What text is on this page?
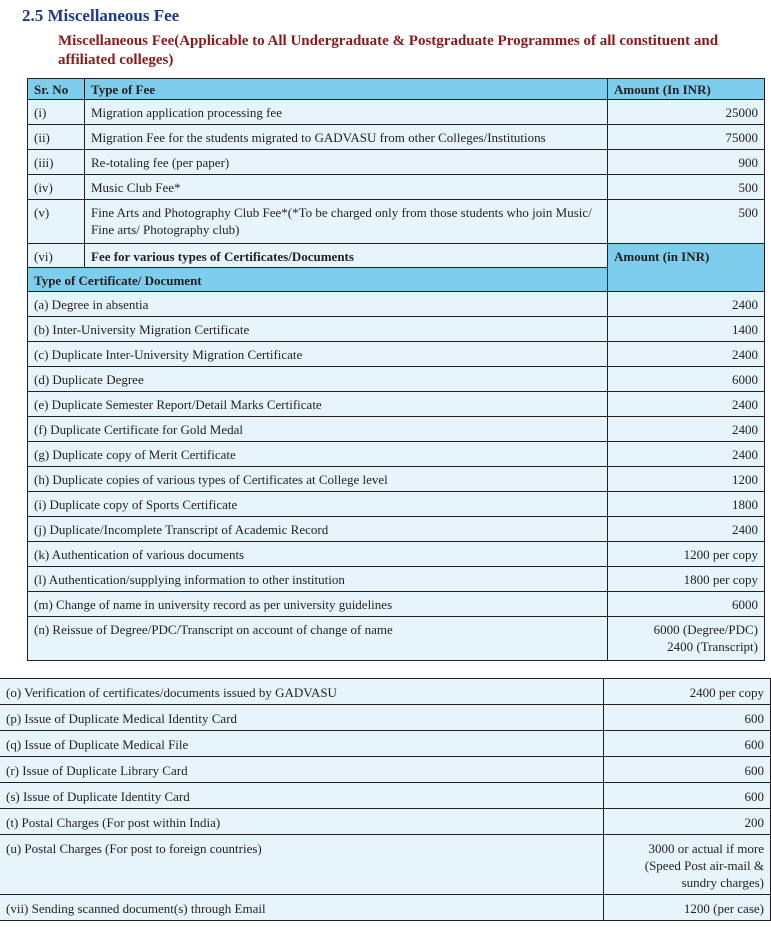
2.5 Miscellaneous Fee

Miscellaneous Fee(Applicable to All Undergraduate & Postgraduate Programmes of all constituent and affiliated colleges)
Sr. No	Type of Fee	Amount (In INR)
(i)	Migration application processing fee	25000
(ii)	Migration Fee for the students migrated to GADVASU from other Colleges/Institutions	75000
(iii)	Re-totaling fee (per paper)	900
(iv)	Music Club Fee*	500
(v)	Fine Arts and Photography Club Fee*(*To be charged only from those students who join Music/ Fine arts/ Photography club)	500
(vi)	Fee for various types of Certificates/Documents	Amount (in INR)
Type of Certificate/ Document		
(a) Degree in absentia		2400
(b) Inter-University Migration Certificate		1400
(c) Duplicate Inter-University Migration Certificate		2400
(d) Duplicate Degree		6000
(e) Duplicate Semester Report/Detail Marks Certificate		2400
(f) Duplicate Certificate for Gold Medal		2400
(g) Duplicate copy of Merit Certificate		2400
(h) Duplicate copies of various types of Certificates at College level		1200
(i) Duplicate copy of Sports Certificate		1800
(j) Duplicate/Incomplete Transcript of Academic Record		2400
(k) Authentication of various documents		1200 per copy
(l) Authentication/supplying information to other institution		1800 per copy
(m) Change of name in university record as per university guidelines		6000
(n) Reissue of Degree/PDC/Transcript on account of change of name		6000 (Degree/PDC)
2400 (Transcript)
(o) Verification of certificates/documents issued by GADVASU	2400 per copy
(p) Issue of Duplicate Medical Identity Card	600
(q) Issue of Duplicate Medical File	600
(r) Issue of Duplicate Library Card	600
(s) Issue of Duplicate Identity Card	600
(t) Postal Charges (For post within India)	200
(u) Postal Charges (For post to foreign countries)	3000 or actual if more
(Speed Post air-mail &
sundry charges)

(vii) Sending scanned document(s) through Email	1200 (per case)
